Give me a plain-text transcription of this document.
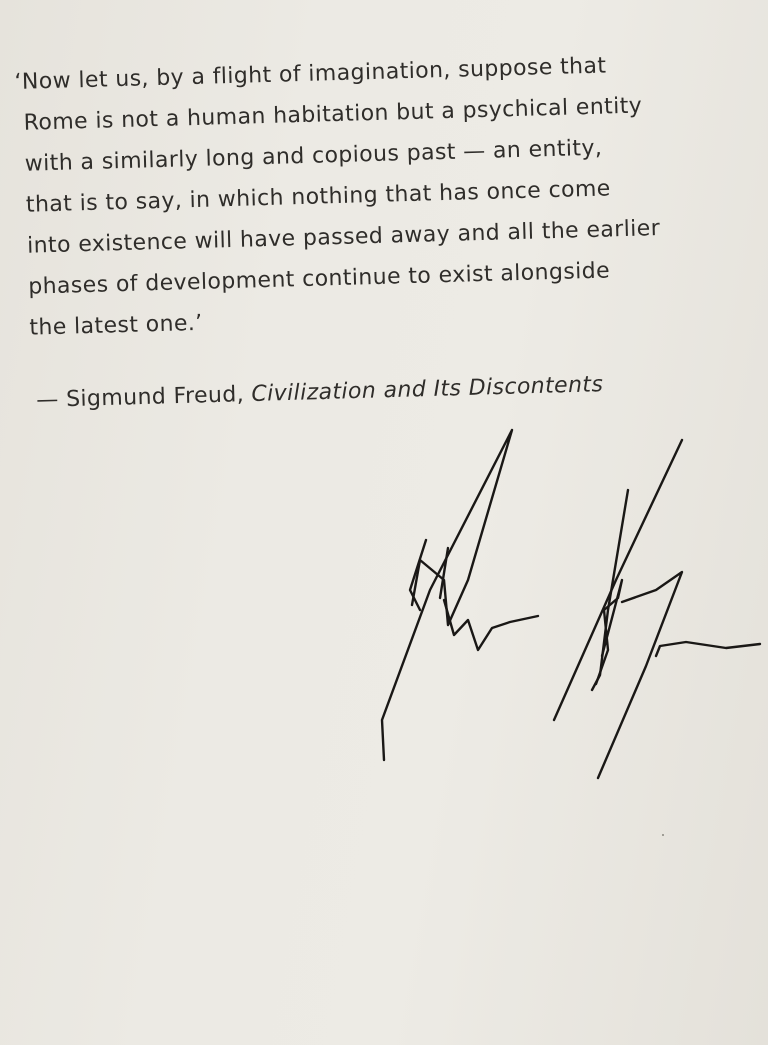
‘Now let us, by a flight of imagination, suppose that
Rome is not a human habitation but a psychical entity
with a similarly long and copious past — an entity,
that is to say, in which nothing that has once come
into existence will have passed away and all the earlier
phases of development continue to exist alongside
the latest one.’
— Sigmund Freud, Civilization and Its Discontents
